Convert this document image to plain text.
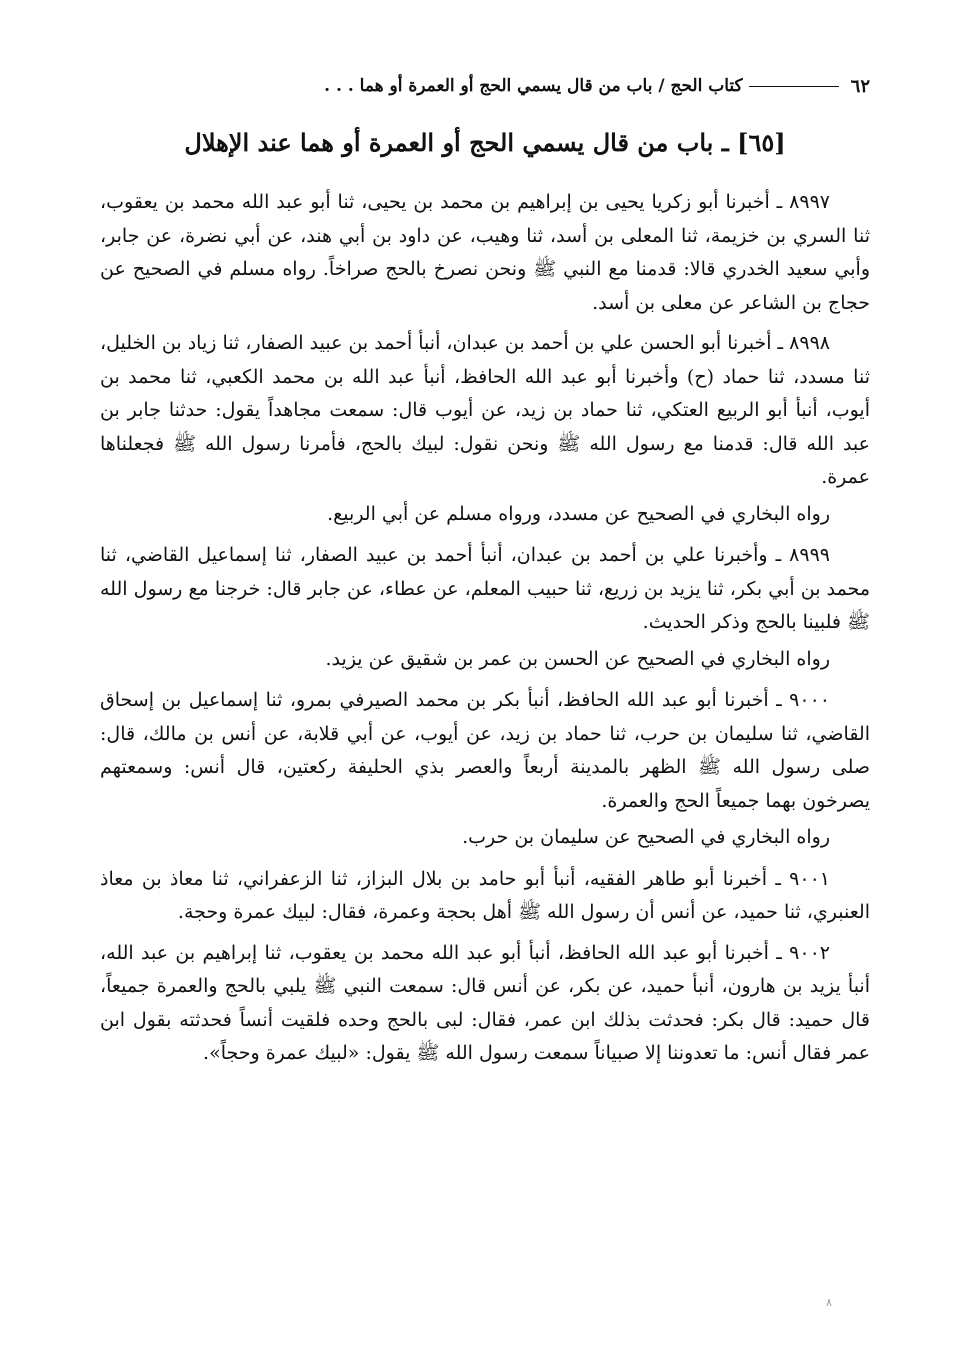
٦٢
كتاب الحج / باب من قال يسمي الحج أو العمرة أو هما . . .
[٦٥] ـ باب من قال يسمي الحج أو العمرة أو هما عند الإهلال

٨٩٩٧ ـ أخبرنا أبو زكريا يحيى بن إبراهيم بن محمد بن يحيى، ثنا أبو عبد الله محمد بن يعقوب، ثنا السري بن خزيمة، ثنا المعلى بن أسد، ثنا وهيب، عن داود بن أبي هند، عن أبي نضرة، عن جابر، وأبي سعيد الخدري قالا: قدمنا مع النبي ﷺ ونحن نصرخ بالحج صراخاً. رواه مسلم في الصحيح عن حجاج بن الشاعر عن معلى بن أسد.

٨٩٩٨ ـ أخبرنا أبو الحسن علي بن أحمد بن عبدان، أنبأ أحمد بن عبيد الصفار، ثنا زياد بن الخليل، ثنا مسدد، ثنا حماد (ح) وأخبرنا أبو عبد الله الحافظ، أنبأ عبد الله بن محمد الكعبي، ثنا محمد بن أيوب، أنبأ أبو الربيع العتكي، ثنا حماد بن زيد، عن أيوب قال: سمعت مجاهداً يقول: حدثنا جابر بن عبد الله قال: قدمنا مع رسول الله ﷺ ونحن نقول: لبيك بالحج، فأمرنا رسول الله ﷺ فجعلناها عمرة.

رواه البخاري في الصحيح عن مسدد، ورواه مسلم عن أبي الربيع.

٨٩٩٩ ـ وأخبرنا علي بن أحمد بن عبدان، أنبأ أحمد بن عبيد الصفار، ثنا إسماعيل القاضي، ثنا محمد بن أبي بكر، ثنا يزيد بن زريع، ثنا حبيب المعلم، عن عطاء، عن جابر قال: خرجنا مع رسول الله ﷺ فلبينا بالحج وذكر الحديث.

رواه البخاري في الصحيح عن الحسن بن عمر بن شقيق عن يزيد.

٩٠٠٠ ـ أخبرنا أبو عبد الله الحافظ، أنبأ بكر بن محمد الصيرفي بمرو، ثنا إسماعيل بن إسحاق القاضي، ثنا سليمان بن حرب، ثنا حماد بن زيد، عن أيوب، عن أبي قلابة، عن أنس بن مالك، قال: صلى رسول الله ﷺ الظهر بالمدينة أربعاً والعصر بذي الحليفة ركعتين، قال أنس: وسمعتهم يصرخون بهما جميعاً الحج والعمرة.

رواه البخاري في الصحيح عن سليمان بن حرب.

٩٠٠١ ـ أخبرنا أبو طاهر الفقيه، أنبأ أبو حامد بن بلال البزاز، ثنا الزعفراني، ثنا معاذ بن معاذ العنبري، ثنا حميد، عن أنس أن رسول الله ﷺ أهل بحجة وعمرة، فقال: لبيك عمرة وحجة.

٩٠٠٢ ـ أخبرنا أبو عبد الله الحافظ، أنبأ أبو عبد الله محمد بن يعقوب، ثنا إبراهيم بن عبد الله، أنبأ يزيد بن هارون، أنبأ حميد، عن بكر، عن أنس قال: سمعت النبي ﷺ يلبي بالحج والعمرة جميعاً، قال حميد: قال بكر: فحدثت بذلك ابن عمر، فقال: لبى بالحج وحده فلقيت أنساً فحدثته بقول ابن عمر فقال أنس: ما تعدوننا إلا صبياناً سمعت رسول الله ﷺ يقول: «لبيك عمرة وحجاً».

٨
